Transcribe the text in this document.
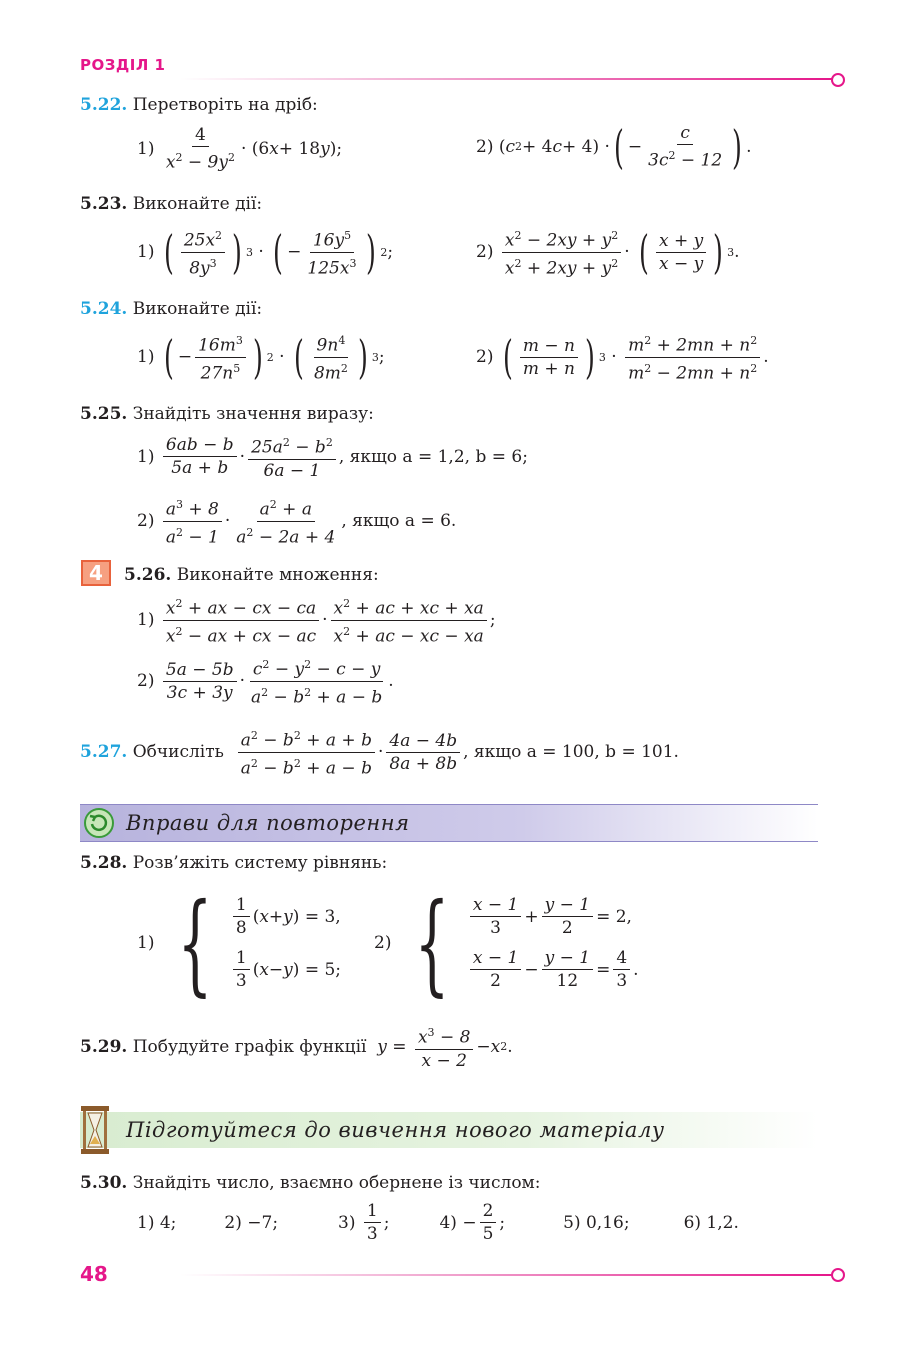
РОЗДІЛ 1
5.22. Перетворіть на дріб:
$1) \frac{4}{x^2 - 9y^2} \cdot (6$ x + 18 y );	2) ( c 2 + 4 c + 4) · ( − $\frac{c}{3c^2 - 12}$ ) .
5.23. Виконайте дії:
1) ( $\frac{25x^2}{8y^3}$ ) 3 · ( − $\frac{16y^5}{125x^3}$ ) 2 ;	$2) \frac{x^2 - 2xy + y^2}{x^2 + 2xy + y^2}$ · ( $\frac{x + y}{x - y}$ ) 3 .
5.24. Виконайте дії:
1) ( − $\frac{16m^3}{27n^5}$ ) 2 · ( $\frac{9n^4}{8m^2}$ ) 3 ;	2) ( $\frac{m - n}{m + n}$ ) $3 \cdot \frac{m^2 + 2mn + n^2}{m^2 - 2mn + n^2}$ .
5.25. Знайдіть значення виразу:
$1) \frac{6ab - b}{5a + b} \cdot \frac{25a^2 - b^2}{6a - 1}$ , якщо a = 1,2, b = 6;
$2) \frac{a^3 + 8}{a^2 - 1} \cdot \frac{a^2 + a}{a^2 - 2a + 4}$ , якщо a = 6.
4	5.26. Виконайте множення:
$1) \frac{x^2 + ax - cx - ca}{x^2 - ax + cx - ac} \cdot \frac{x^2 + ac + xc + xa}{x^2 + ac - xc - xa}$ ;
$2) \frac{5a - 5b}{3c + 3y} \cdot \frac{c^2 - y^2 - c - y}{a^2 - b^2 + a - b}$ .
5.27.
Обчисліть
$\frac{a^2 - b^2 + a + b}{a^2 - b^2 + a - b} \cdot \frac{4a - 4b}{8a + 8b}$ , якщо a = 100, b = 101.
Вправи для повторення
5.28. Розв’яжіть систему рівнянь:
1) { $\frac{1}{8}$ ( x + y ) = 3,
$\frac{1}{3}$ ( x − y ) = 5;
2) { $\frac{x - 1}{3} + \frac{y - 1}{2} = 2$,
$\frac{x - 1}{2} - \frac{y - 1}{12} = \frac{4}{3}$ .
5.29.
Побудуйте графік функції
$y = \frac{x^3 - 8}{x - 2} - x$ 2 .
Підготуйтеся до вивчення нового матеріалу
5.30. Знайдіть число, взаємно обернене із числом:
1) 4;	2) −7;	$3) \frac{1}{3}$ ;	$4) - \frac{2}{5}$ ;	5) 0,16;	6) 1,2.
48
